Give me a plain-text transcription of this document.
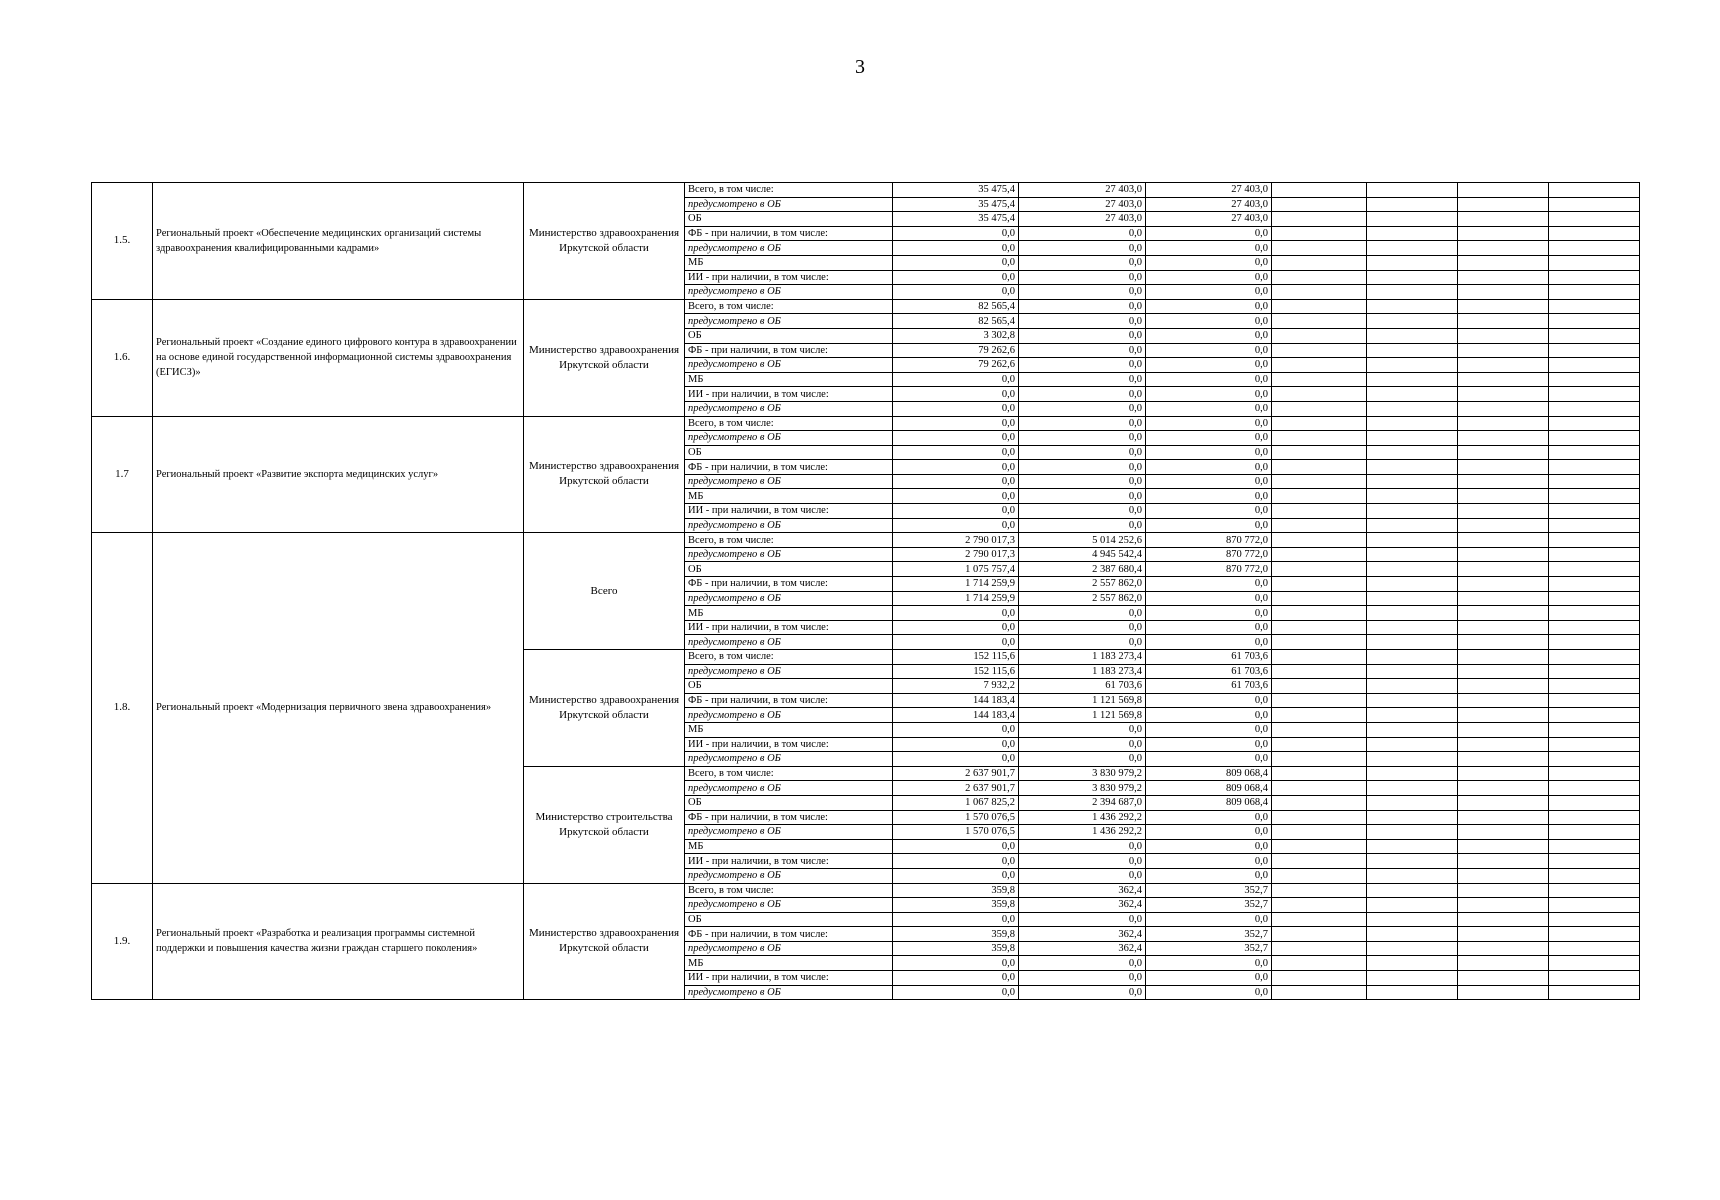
3
1.5.	Региональный проект «Обеспечение медицинских организаций системы здравоохранения квалифицированными кадрами»	Министерство здравоохранения Иркутской области	Всего, в том числе:	35 475,4	27 403,0	27 403,0				
			предусмотрено в ОБ	35 475,4	27 403,0	27 403,0				
			ОБ	35 475,4	27 403,0	27 403,0				
			ФБ - при наличии, в том числе:	0,0	0,0	0,0				
			предусмотрено в ОБ	0,0	0,0	0,0				
			МБ	0,0	0,0	0,0				
			ИИ - при наличии, в том числе:	0,0	0,0	0,0				
			предусмотрено в ОБ	0,0	0,0	0,0				
1.6.	Региональный проект «Создание единого цифрового контура в здравоохранении на основе единой государственной информационной системы здравоохранения (ЕГИСЗ)»	Министерство здравоохранения Иркутской области	Всего, в том числе:	82 565,4	0,0	0,0				
			предусмотрено в ОБ	82 565,4	0,0	0,0				
			ОБ	3 302,8	0,0	0,0				
			ФБ - при наличии, в том числе:	79 262,6	0,0	0,0				
			предусмотрено в ОБ	79 262,6	0,0	0,0				
			МБ	0,0	0,0	0,0				
			ИИ - при наличии, в том числе:	0,0	0,0	0,0				
			предусмотрено в ОБ	0,0	0,0	0,0				
1.7	Региональный проект «Развитие экспорта медицинских услуг»	Министерство здравоохранения Иркутской области	Всего, в том числе:	0,0	0,0	0,0				
			предусмотрено в ОБ	0,0	0,0	0,0				
			ОБ	0,0	0,0	0,0				
			ФБ - при наличии, в том числе:	0,0	0,0	0,0				
			предусмотрено в ОБ	0,0	0,0	0,0				
			МБ	0,0	0,0	0,0				
			ИИ - при наличии, в том числе:	0,0	0,0	0,0				
			предусмотрено в ОБ	0,0	0,0	0,0				
1.8.	Региональный проект «Модернизация первичного звена здравоохранения»	Всего	Всего, в том числе:	2 790 017,3	5 014 252,6	870 772,0				
			предусмотрено в ОБ	2 790 017,3	4 945 542,4	870 772,0				
			ОБ	1 075 757,4	2 387 680,4	870 772,0				
			ФБ - при наличии, в том числе:	1 714 259,9	2 557 862,0	0,0				
			предусмотрено в ОБ	1 714 259,9	2 557 862,0	0,0				
			МБ	0,0	0,0	0,0				
			ИИ - при наличии, в том числе:	0,0	0,0	0,0				
			предусмотрено в ОБ	0,0	0,0	0,0				
		Министерство здравоохранения Иркутской области	Всего, в том числе:	152 115,6	1 183 273,4	61 703,6				
			предусмотрено в ОБ	152 115,6	1 183 273,4	61 703,6				
			ОБ	7 932,2	61 703,6	61 703,6				
			ФБ - при наличии, в том числе:	144 183,4	1 121 569,8	0,0				
			предусмотрено в ОБ	144 183,4	1 121 569,8	0,0				
			МБ	0,0	0,0	0,0				
			ИИ - при наличии, в том числе:	0,0	0,0	0,0				
			предусмотрено в ОБ	0,0	0,0	0,0				
		Министерство строительства Иркутской области	Всего, в том числе:	2 637 901,7	3 830 979,2	809 068,4				
			предусмотрено в ОБ	2 637 901,7	3 830 979,2	809 068,4				
			ОБ	1 067 825,2	2 394 687,0	809 068,4				
			ФБ - при наличии, в том числе:	1 570 076,5	1 436 292,2	0,0				
			предусмотрено в ОБ	1 570 076,5	1 436 292,2	0,0				
			МБ	0,0	0,0	0,0				
			ИИ - при наличии, в том числе:	0,0	0,0	0,0				
			предусмотрено в ОБ	0,0	0,0	0,0				
1.9.	Региональный проект «Разработка и реализация программы системной поддержки и повышения качества жизни граждан старшего поколения»	Министерство здравоохранения Иркутской области	Всего, в том числе:	359,8	362,4	352,7				
			предусмотрено в ОБ	359,8	362,4	352,7				
			ОБ	0,0	0,0	0,0				
			ФБ - при наличии, в том числе:	359,8	362,4	352,7				
			предусмотрено в ОБ	359,8	362,4	352,7				
			МБ	0,0	0,0	0,0				
			ИИ - при наличии, в том числе:	0,0	0,0	0,0				
			предусмотрено в ОБ	0,0	0,0	0,0				
